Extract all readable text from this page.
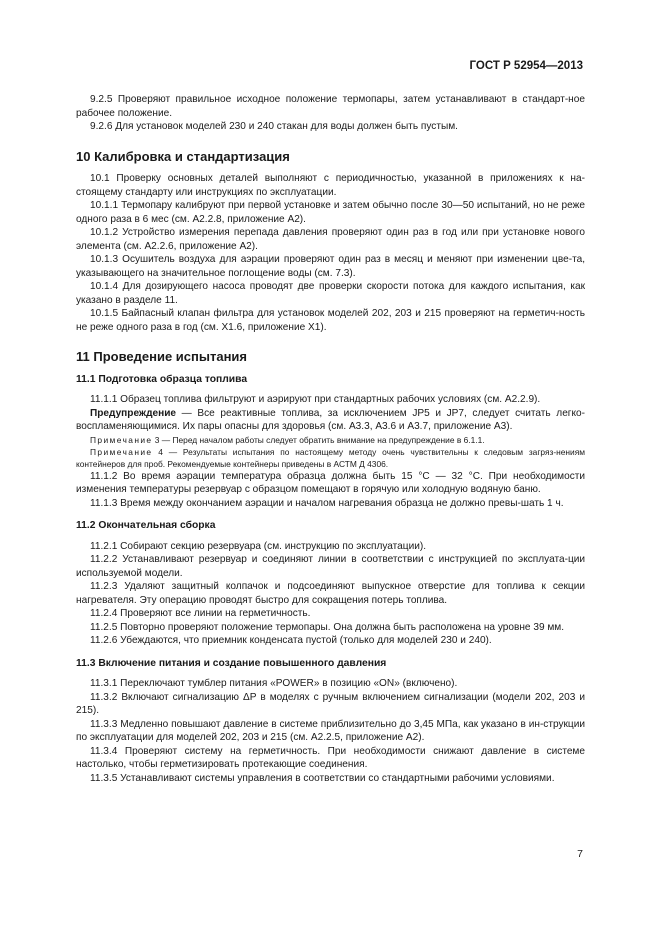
ГОСТ Р 52954—2013

9.2.5 Проверяют правильное исходное положение термопары, затем устанавливают в стандарт-ное рабочее положение.

9.2.6 Для установок моделей 230 и 240 стакан для воды должен быть пустым.

10 Калибровка и стандартизация

10.1 Проверку основных деталей выполняют с периодичностью, указанной в приложениях к на-стоящему стандарту или инструкциях по эксплуатации.

10.1.1 Термопару калибруют при первой установке и затем обычно после 30—50 испытаний, но не реже одного раза в 6 мес (см. А2.2.8, приложение А2).

10.1.2 Устройство измерения перепада давления проверяют один раз в год или при установке нового элемента (см. А2.2.6, приложение А2).

10.1.3 Осушитель воздуха для аэрации проверяют один раз в месяц и меняют при изменении цве-та, указывающего на значительное поглощение воды (см. 7.3).

10.1.4 Для дозирующего насоса проводят две проверки скорости потока для каждого испытания, как указано в разделе 11.

10.1.5 Байпасный клапан фильтра для установок моделей 202, 203 и 215 проверяют на герметич-ность не реже одного раза в год (см. Х1.6, приложение Х1).

11 Проведение испытания
11.1 Подготовка образца топлива

11.1.1 Образец топлива фильтруют и аэрируют при стандартных рабочих условиях (см. А2.2.9).

Предупреждение — Все реактивные топлива, за исключением JP5 и JP7, следует считать легко-воспламеняющимися. Их пары опасны для здоровья (см. А3.3, А3.6 и А3.7, приложение А3).

Примечание 3 — Перед началом работы следует обратить внимание на предупреждение в 6.1.1.

Примечание 4 — Результаты испытания по настоящему методу очень чувствительны к следовым загряз-нениям контейнеров для проб. Рекомендуемые контейнеры приведены в АСТМ Д 4306.

11.1.2 Во время аэрации температура образца должна быть 15 °С — 32 °С. При необходимости изменения температуры резервуар с образцом помещают в горячую или холодную водяную баню.

11.1.3 Время между окончанием аэрации и началом нагревания образца не должно превы-шать 1 ч.

11.2 Окончательная сборка

11.2.1 Собирают секцию резервуара (см. инструкцию по эксплуатации).

11.2.2 Устанавливают резервуар и соединяют линии в соответствии с инструкцией по эксплуата-ции используемой модели.

11.2.3 Удаляют защитный колпачок и подсоединяют выпускное отверстие для топлива к секции нагревателя. Эту операцию проводят быстро для сокращения потерь топлива.

11.2.4 Проверяют все линии на герметичность.

11.2.5 Повторно проверяют положение термопары. Она должна быть расположена на уровне 39 мм.

11.2.6 Убеждаются, что приемник конденсата пустой (только для моделей 230 и 240).

11.3 Включение питания и создание повышенного давления

11.3.1 Переключают тумблер питания «POWER» в позицию «ON» (включено).

11.3.2 Включают сигнализацию ΔP в моделях с ручным включением сигнализации (модели 202, 203 и 215).

11.3.3 Медленно повышают давление в системе приблизительно до 3,45 МПа, как указано в ин-струкции по эксплуатации для моделей 202, 203 и 215 (см. А2.2.5, приложение А2).

11.3.4 Проверяют систему на герметичность. При необходимости снижают давление в системе настолько, чтобы герметизировать протекающие соединения.

11.3.5 Устанавливают системы управления в соответствии со стандартными рабочими условиями.

7
